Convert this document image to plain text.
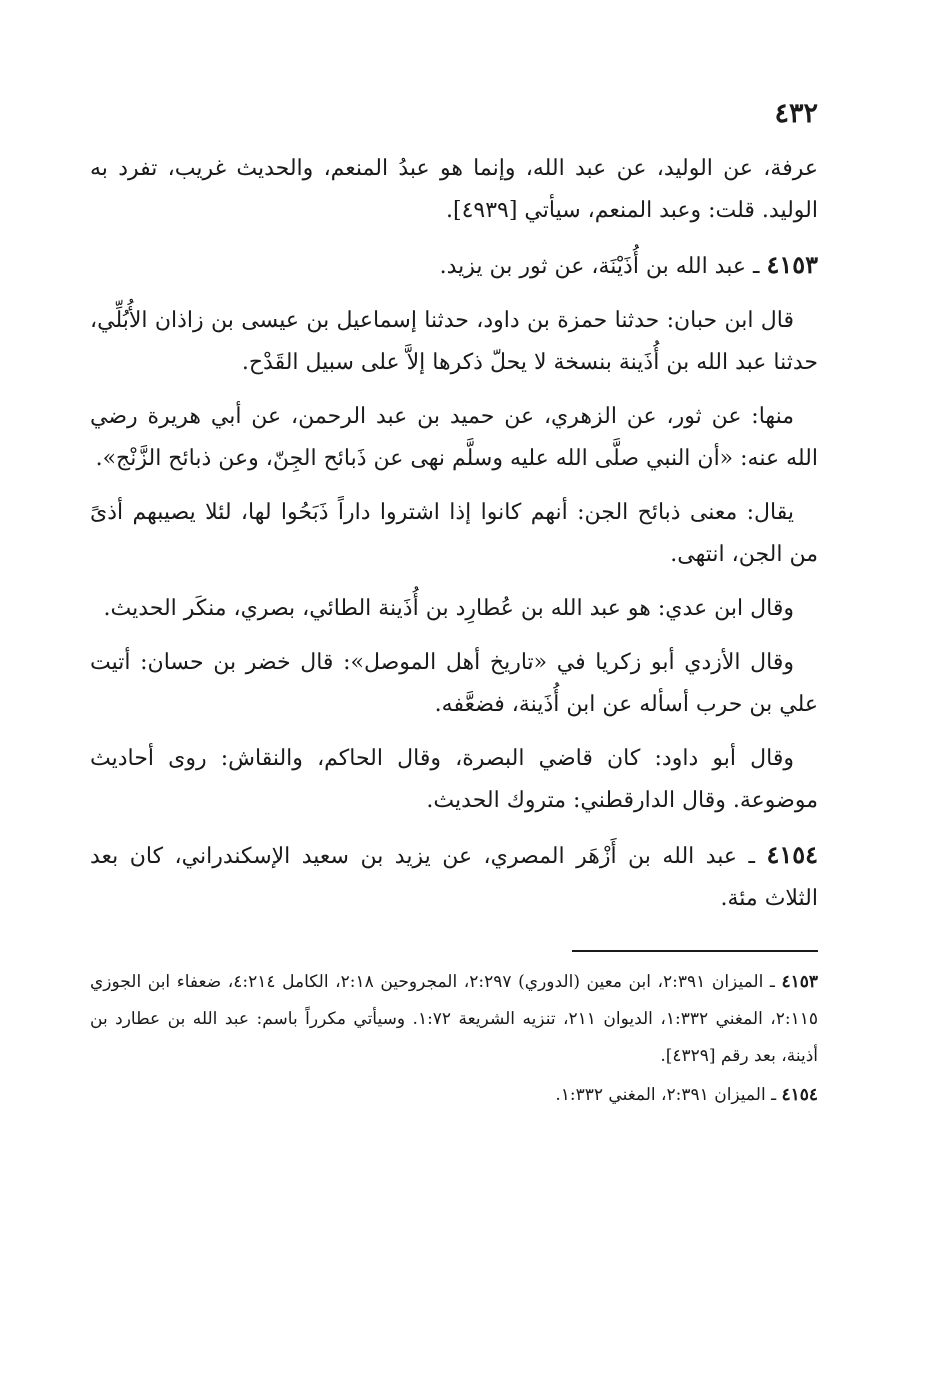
٤٣٢

عرفة، عن الوليد، عن عبد الله، وإنما هو عبدُ المنعم، والحديث غريب، تفرد به الوليد. قلت: وعبد المنعم، سيأتي [٤٩٣٩].

٤١٥٣ ـ عبد الله بن أُذَيْنَة، عن ثور بن يزيد.

قال ابن حبان: حدثنا حمزة بن داود، حدثنا إسماعيل بن عيسى بن زاذان الأُبُلِّي، حدثنا عبد الله بن أُذَينة بنسخة لا يحلّ ذكرها إلاَّ على سبيل القَدْح.

منها: عن ثور، عن الزهري، عن حميد بن عبد الرحمن، عن أبي هريرة رضي الله عنه: «أن النبي صلَّى الله عليه وسلَّم نهى عن ذَبائح الجِنّ، وعن ذبائح الزَّنْج».

يقال: معنى ذبائح الجن: أنهم كانوا إذا اشتروا داراً ذَبَحُوا لها، لئلا يصيبهم أذىً من الجن، انتهى.

وقال ابن عدي: هو عبد الله بن عُطارِد بن أُذَينة الطائي، بصري، منكَر الحديث.

وقال الأزدي أبو زكريا في «تاريخ أهل الموصل»: قال خضر بن حسان: أتيت علي بن حرب أسأله عن ابن أُذَينة، فضعَّفه.

وقال أبو داود: كان قاضي البصرة، وقال الحاكم، والنقاش: روى أحاديث موضوعة. وقال الدارقطني: متروك الحديث.

٤١٥٤ ـ عبد الله بن أَزْهَر المصري، عن يزيد بن سعيد الإسكندراني، كان بعد الثلاث مئة.

٤١٥٣ ـ الميزان ٢:٣٩١، ابن معين (الدوري) ٢:٢٩٧، المجروحين ٢:١٨، الكامل ٤:٢١٤، ضعفاء ابن الجوزي ٢:١١٥، المغني ١:٣٣٢، الديوان ٢١١، تنزيه الشريعة ١:٧٢. وسيأتي مكرراً باسم: عبد الله بن عطارد بن أذينة، بعد رقم [٤٣٢٩].

٤١٥٤ ـ الميزان ٢:٣٩١، المغني ١:٣٣٢.
